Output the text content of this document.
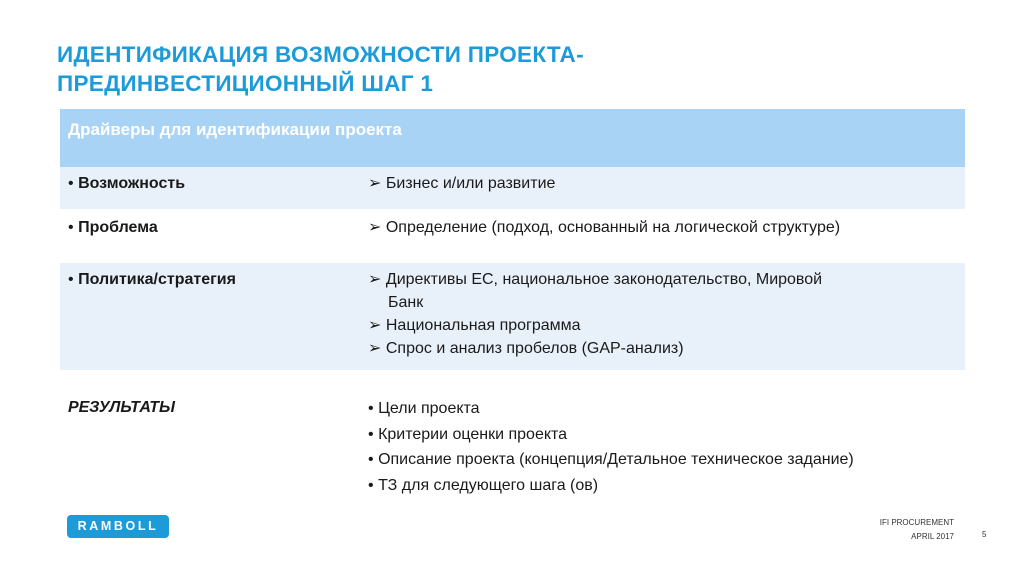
ИДЕНТИФИКАЦИЯ ВОЗМОЖНОСТИ ПРОЕКТА-
ПРЕДИНВЕСТИЦИОННЫЙ ШАГ 1
Драйверы для идентификации проекта
• Возможность	➢ Бизнес и/или развитие
• Проблема	➢ Определение (подход, основанный на логической структуре)
• Политика/стратегия	➢ Директивы ЕС, национальное законодательство, Мировой
Банк
➢ Национальная программа
➢ Спрос и анализ пробелов (GAP-анализ)
РЕЗУЛЬТАТЫ	• Цели проекта
• Критерии оценки проекта
• Описание проекта (концепция/Детальное техническое задание)
• ТЗ для следующего шага (ов)
RAMBOLL	IFI PROCUREMENT
APRIL 2017	5
